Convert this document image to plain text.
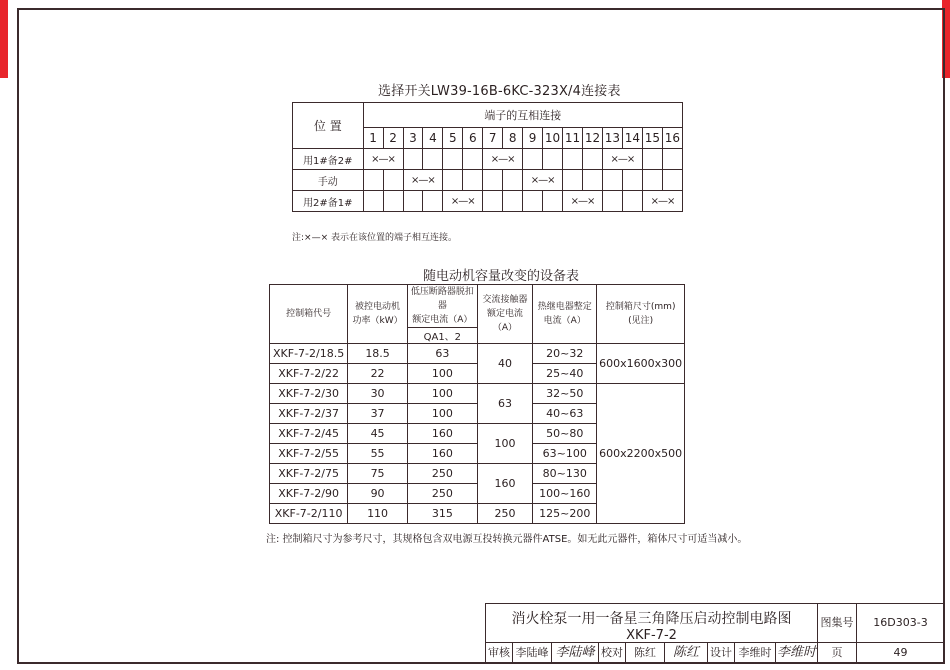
选择开关LW39-16B-6KC-323X/4连接表
位 置	端子的互相连接															
	1	2	3	4	5	6	7	8	9	10	11	12	13	14	15	16
用1#备2#	×—×						×—×						×—×			
手动			×—×						×—×							
用2#备1#					×—×						×—×				×—×	
注:×—× 表示在该位置的端子相互连接。
随电动机容量改变的设备表
控制箱代号	被控电动机功率（kW）	低压断路器脱扣器
额定电流（A）	交流接触器额定电流（A）	热继电器整定电流（A）	控制箱尺寸(mm)(见注)
		QA1、2			
XKF-7-2/18.5	18.5	63	40	20~32	600x1600x300
XKF-7-2/22	22	100		25~40	
XKF-7-2/30	30	100	63	32~50	600x2200x500
XKF-7-2/37	37	100		40~63	
XKF-7-2/45	45	160	100	50~80	
XKF-7-2/55	55	160		63~100	
XKF-7-2/75	75	250	160	80~130	
XKF-7-2/90	90	250		100~160	
XKF-7-2/110	110	315	250	125~200	
注: 控制箱尺寸为参考尺寸，其规格包含双电源互投转换元器件ATSE。如无此元器件，箱体尺寸可适当减小。
消火栓泵一用一备星三角降压启动控制电路图
XKF-7-2
图集号	16D303-3
审核 李陆峰 李陆峰 校对	陈红	陈红	设计 李维时 李维时	页	49
